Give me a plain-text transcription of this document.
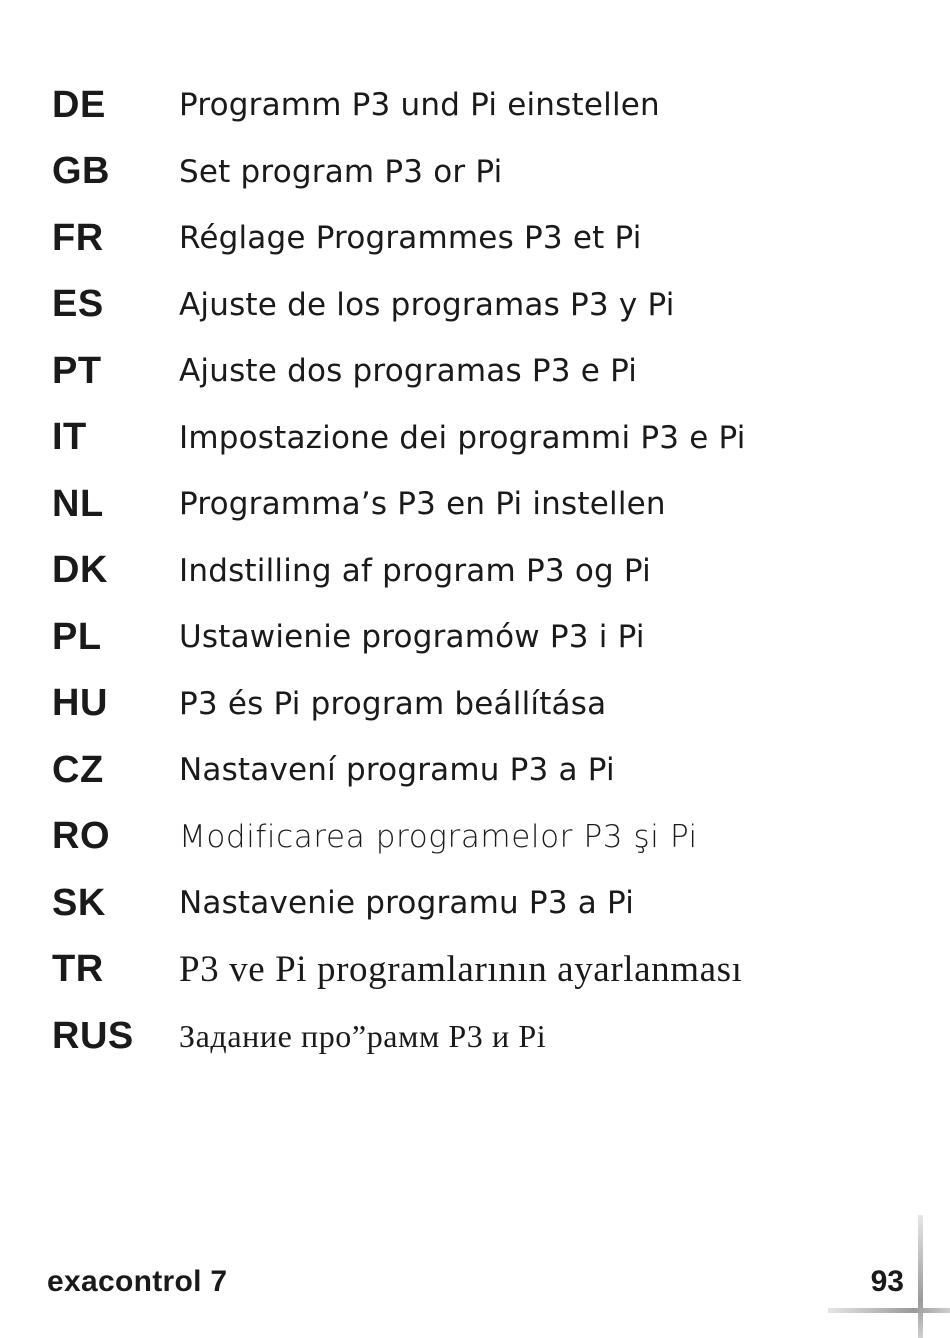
DE	Programm P3 und Pi einstellen
GB	Set program P3 or Pi
FR	Réglage Programmes P3 et Pi
ES	Ajuste de los programas P3 y Pi
PT	Ajuste dos programas P3 e Pi
IT	Impostazione dei programmi P3 e Pi
NL	Programma’s P3 en Pi instellen
DK	Indstilling af program P3 og Pi
PL	Ustawienie programów P3 i Pi
HU	P3 és Pi program beállítása
CZ	Nastavení programu P3 a Pi
RO	Modificarea programelor P3 şi Pi
SK	Nastavenie programu P3 a Pi
TR	P3 ve Pi programlarının ayarlanması
RUS	Задание про”рамм P3 и Pi
exacontrol 7	93
